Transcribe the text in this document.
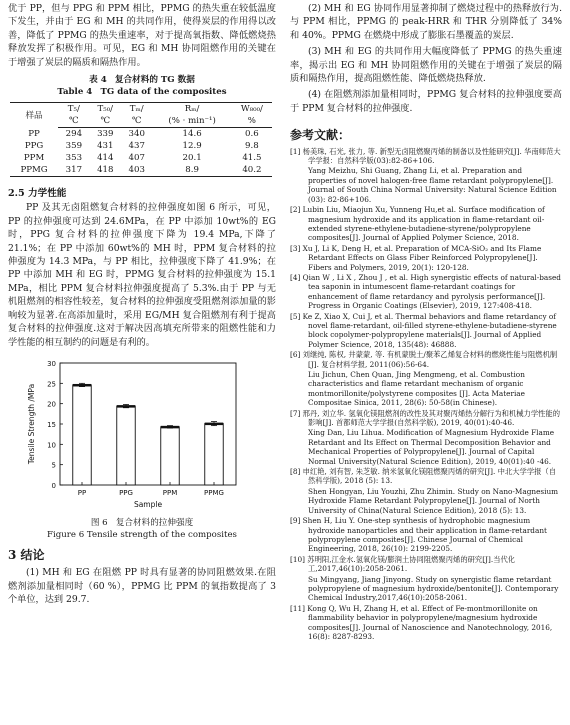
优于 PP，但与 PPG 和 PPM 相比，PPMG 的热失重在较低温度下发生，并由于 EG 和 MH 的共同作用，使得炭层的作用得以改善，降低了 PPMG 的热失重速率，对于提高氧指数、降低燃烧热释放发挥了积极作用。可见，EG 和 MH 协同阻燃作用的关键在于增强了炭层的隔质和隔热作用。

表 4 复合材料的 TG 数据

Table 4 TG data of the composites

样品	T₅/	T₅₀/	Tₘ/	Rₘ/	W₈₀₀/
	℃	℃	℃	(% · min⁻¹)	%
PP	294	339	340	14.6	0.6
PPG	359	431	437	12.9	9.8
PPM	353	414	407	20.1	41.5
PPMG	317	418	403	8.9	40.2

2.5 力学性能

PP 及其无卤阻燃复合材料的拉伸强度如图 6 所示，可见，PP 的拉伸强度可达到 24.6MPa，在 PP 中添加 10wt%的 EG 时，PPG 复合材料的拉伸强度下降为 19.4 MPa,下降了 21.1%；在 PP 中添加 60wt%的 MH 时，PPM 复合材料的拉伸强度为 14.3 MPa，与 PP 相比，拉伸强度下降了 41.9%；在 PP 中添加 MH 和 EG 时，PPMG 复合材料的拉伸强度为 15.1 MPa，相比 PPM 复合材料拉伸强度提高了 5.3%.由于 PP 与无机阻燃剂的相容性较差，复合材料的拉伸强度受阻燃剂添加量的影响较为显著.在高添加量时，采用 EG/MH 复合阻燃剂有利于提高复合材料的拉伸强度.这对于解决因高填充所带来的阻燃性能和力学性能的相互制约的问题是有利的。

0
5
10
15
20
25
30
PP	PPG	PPM	PPMG
Sample
Tensile Strength /MPa

图 6 复合材料的拉伸强度

Figure 6 Tensile strength of the composites

3 结论

(1) MH 和 EG 在阻燃 PP 时具有显著的协同阻燃效果.在阻燃剂添加量相同时（60 %），PPMG 比 PPM 的氧指数提高了 3 个单位，达到 29.7.

(2) MH 和 EG 协同作用显著抑制了燃烧过程中的热释放行为.与 PPM 相比，PPMG 的 peak-HRR 和 THR 分别降低了 34%和 40%。PPMG 在燃烧中形成了膨胀石墨覆盖的炭层.

(3) MH 和 EG 的共同作用大幅度降低了 PPMG 的热失重速率，揭示出 EG 和 MH 协同阻燃作用的关键在于增强了炭层的隔质和隔热作用，提高阻燃性能、降低燃烧热释放.

(4) 在阻燃剂添加量相同时，PPMG 复合材料的拉伸强度要高于 PPM 复合材料的拉伸强度.

参考文献：

[1] 杨美珠, 石光, 张力, 等. 新型无卤阻燃聚丙烯的制备以及性能研究[J]. 华南师范大学学报：自然科学版(03):82-86+106.

Yang Meizhu, Shi Guang, Zhang Li, et al. Preparation and properties of novel halogen-free flame retardant polypropylene[J]. Journal of South China Normal University: Natural Science Edition (03): 82-86+106.

[2] Lubin Liu, Miaojun Xu, Yunneng Hu,et al. Surface modification of magnesium hydroxide and its application in flame-retardant oil-extended styrene-ethylene-butadiene-styrene/polypropylene composites[J]. Journal of Applied Polymer Science, 2018.

[3] Xu J, Li K, Deng H, et al. Preparation of MCA-SiO₂ and Its Flame Retardant Effects on Glass Fiber Reinforced Polypropylene[J]. Fibers and Polymers, 2019, 20(1): 120-128.

[4] Qian W , Li X , Zhou J , et al. High synergistic effects of natural-based tea saponin in intumescent flame-retardant coatings for enhancement of flame retardancy and pyrolysis performance[J]. Progress in Organic Coatings (Elsevier), 2019, 127:408-418.

[5] Ke Z, Xiao X, Cui J, et al. Thermal behaviors and flame retardancy of novel flame-retardant, oil-filled styrene-ethylene-butadiene-styrene block copolymer-polypropylene materials[J]. Journal of Applied Polymer Science, 2018, 135(48): 46888.

[6] 刘继纯, 陈权, 井蒙蒙, 等. 有机蒙脱土/聚苯乙烯复合材料的燃烧性能与阻燃机制[J]. 复合材料学报, 2011(06):56-64.

Liu Jichun, Chen Quan, Jing Mengmeng, et al. Combustion characteristics and flame retardant mechanism of organic montmorillonite/polystyrene composites [J]. Acta Materiae Compositae Sinica, 2011, 28(6): 50-58(in Chinese).

[7] 邢丹, 刘立华. 氢氧化镁阻燃剂的改性及其对聚丙烯热分解行为和机械力学性能的影响[J]. 首都师范大学学报(自然科学版), 2019, 40(01):40-46.

Xing Dan, Liu Lihua. Modification of Magnesium Hydroxide Flame Retardant and Its Effect on Thermal Decomposition Behavior and Mechanical Properties of Polypropylene[J]. Journal of Capital Normal University(Natural Science Edition), 2019, 40(01):40 -46.

[8] 申红艳, 刘有智, 朱芝敏. 纳米氢氧化镁阻燃聚丙烯的研究[J]. 中北大学学报（自然科学版), 2018 (5): 13.

Shen Hongyan, Liu Youzhi, Zhu Zhimin. Study on Nano-Magnesium Hydroxide Flame Retardant Polypropylene[J]. Journal of North University of China(Natural Science Edition), 2018 (5): 13.

[9] Shen H, Liu Y. One-step synthesis of hydrophobic magnesium hydroxide nanoparticles and their application in flame-retardant polypropylene composites[J]. Chinese Journal of Chemical Engineering, 2018, 26(10): 2199-2205.

[10] 苏明阳,江金水.氢氧化镁/膨润土协同阻燃聚丙烯的研究[J].当代化工,2017,46(10):2058-2061.

Su Mingyang, Jiang Jinyong. Study on synergistic flame retardant polypropylene of magnesium hydroxide/bentonite[J]. Contemporary Chemical Industry,2017,46(10):2058-2061.

[11] Kong Q, Wu H, Zhang H, et al. Effect of Fe-montmorillonite on flammability behavior in polypropylene/magnesium hydroxide composites[J]. Journal of Nanoscience and Nanotechnology, 2016, 16(8): 8287-8293.
